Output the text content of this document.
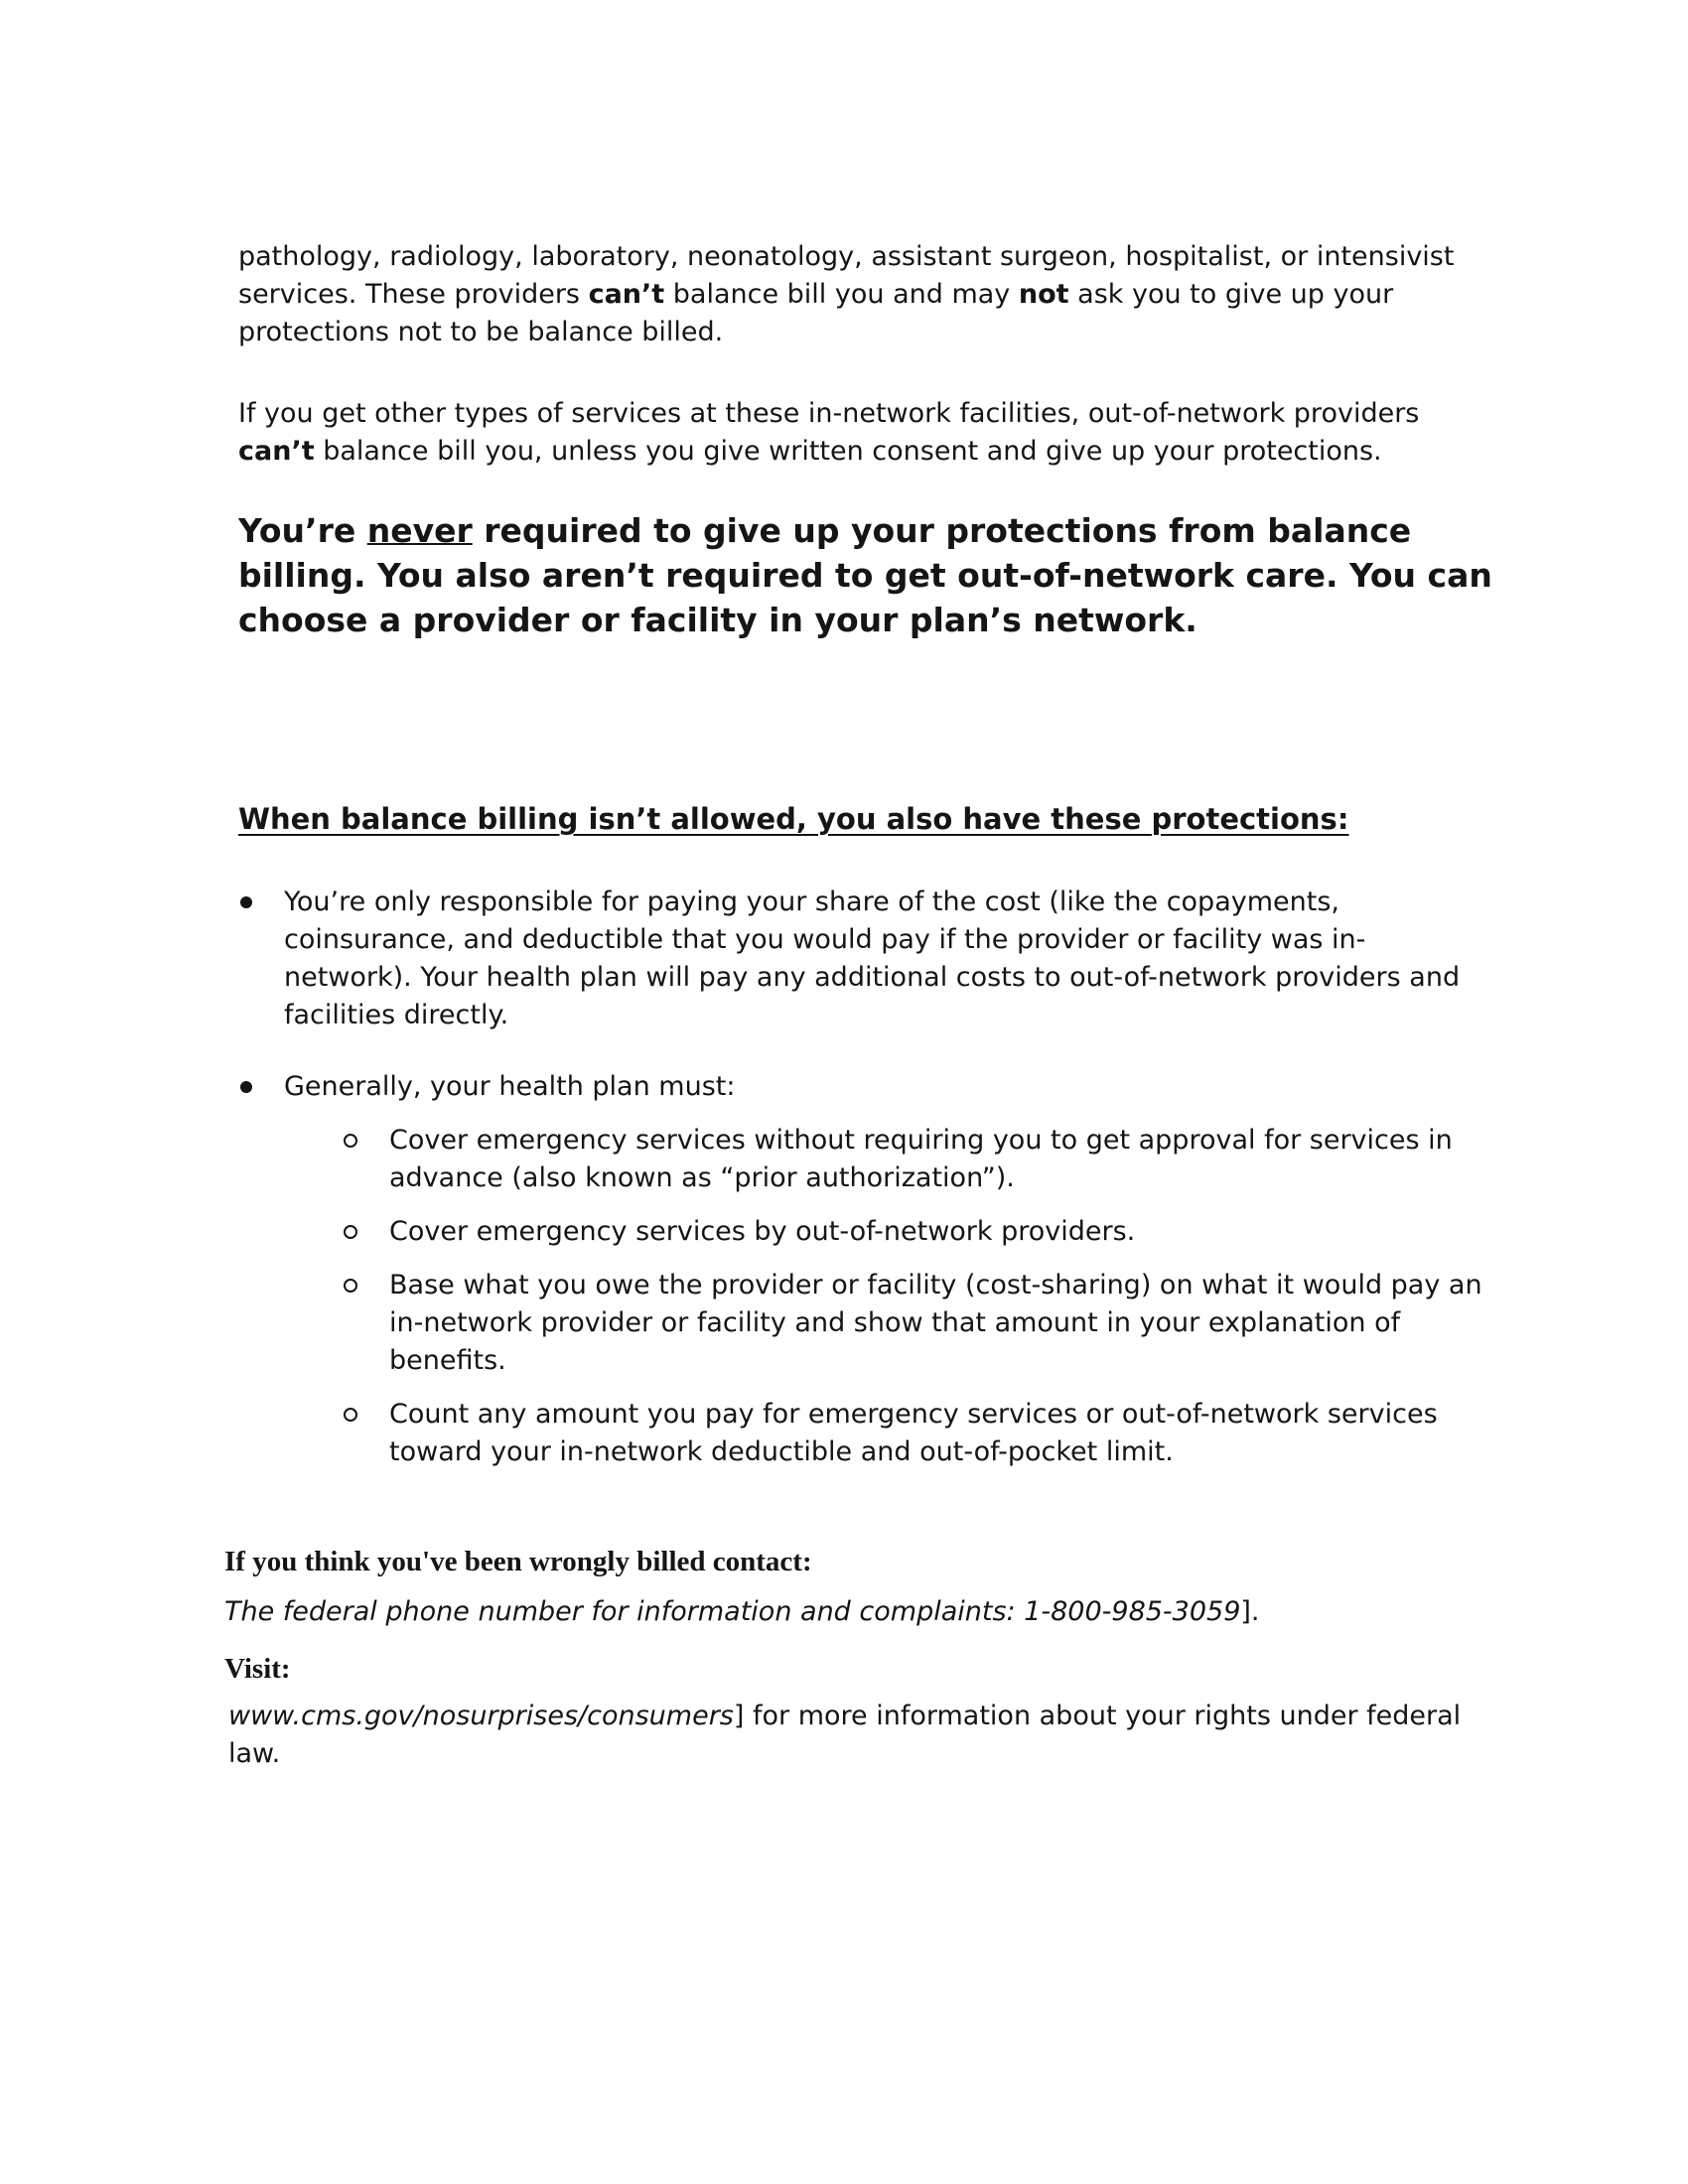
pathology, radiology, laboratory, neonatology, assistant surgeon, hospitalist, or intensivist services. These providers can’t balance bill you and may not ask you to give up your protections not to be balance billed.

If you get other types of services at these in-network facilities, out-of-network providers can’t balance bill you, unless you give written consent and give up your protections.

You’re never required to give up your protections from balance billing. You also aren’t required to get out-of-network care. You can choose a provider or facility in your plan’s network.

When balance billing isn’t allowed, you also have these protections:
You’re only responsible for paying your share of the cost (like the copayments, coinsurance, and deductible that you would pay if the provider or facility was in-network). Your health plan will pay any additional costs to out-of-network providers and facilities directly.
Generally, your health plan must:
Cover emergency services without requiring you to get approval for services in advance (also known as “prior authorization”).
Cover emergency services by out-of-network providers.
Base what you owe the provider or facility (cost-sharing) on what it would pay an in-network provider or facility and show that amount in your explanation of benefits.
Count any amount you pay for emergency services or out-of-network services toward your in-network deductible and out-of-pocket limit.
If you think you've been wrongly billed contact:
The federal phone number for information and complaints: 1-800-985-3059].
Visit:
www.cms.gov/nosurprises/consumers] for more information about your rights under federal law.
